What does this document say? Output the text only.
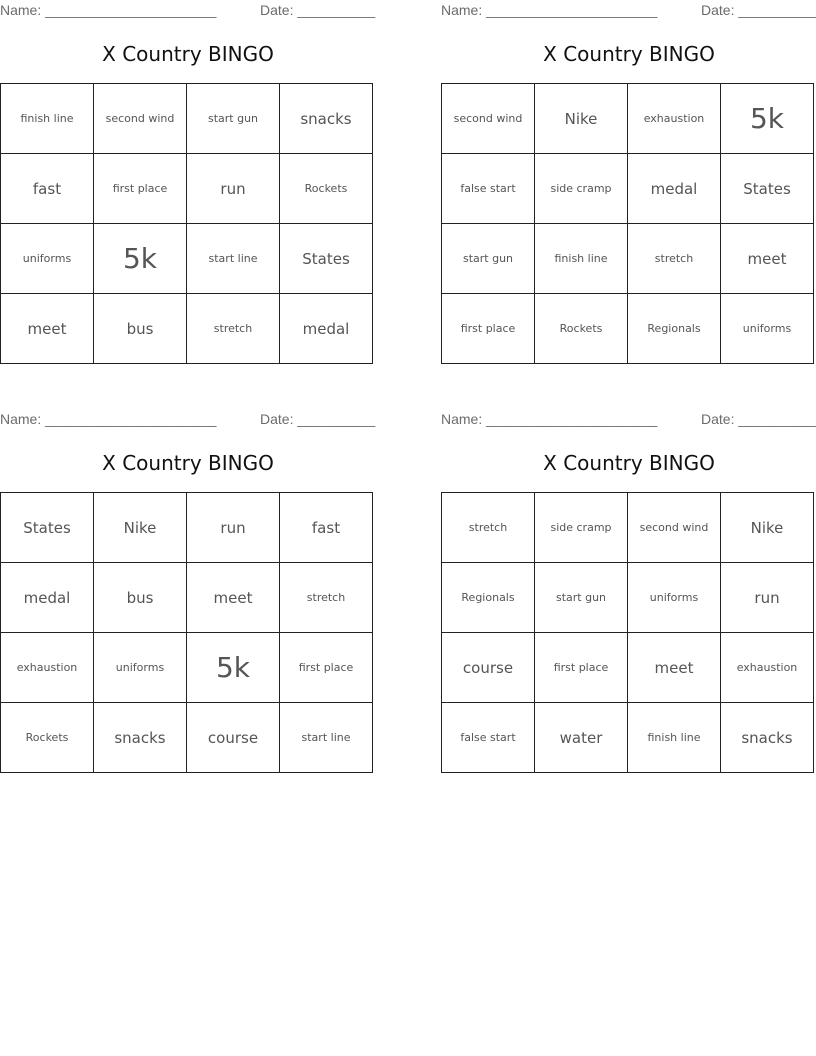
Name: ______________________	Date: __________
X Country BINGO
finish line	second wind	start gun	snacks
fast	first place	run	Rockets
uniforms	5k	start line	States
meet	bus	stretch	medal
Name: ______________________	Date: __________
X Country BINGO
second wind	Nike	exhaustion	5k
false start	side cramp	medal	States
start gun	finish line	stretch	meet
first place	Rockets	Regionals	uniforms
Name: ______________________	Date: __________
X Country BINGO
States	Nike	run	fast
medal	bus	meet	stretch
exhaustion	uniforms	5k	first place
Rockets	snacks	course	start line
Name: ______________________	Date: __________
X Country BINGO
stretch	side cramp	second wind	Nike
Regionals	start gun	uniforms	run
course	first place	meet	exhaustion
false start	water	finish line	snacks
